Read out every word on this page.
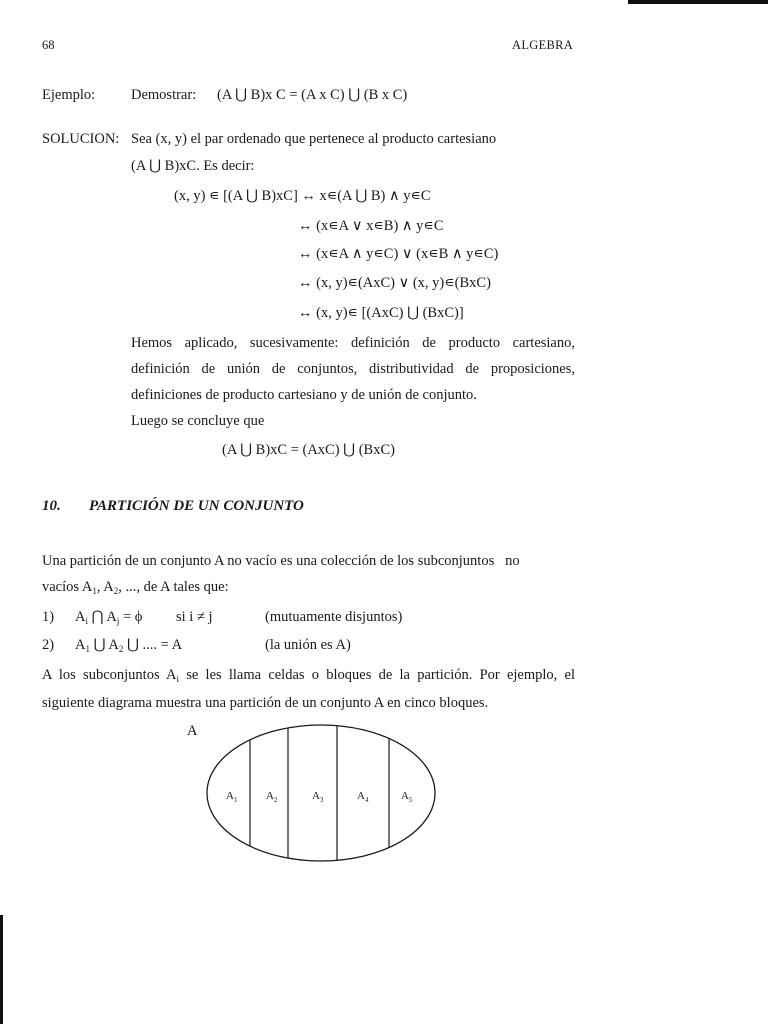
68	ALGEBRA
Ejemplo: Demostrar: (A ⋃ B)x C = (A x C) ⋃ (B x C)
SOLUCION: Sea (x, y) el par ordenado que pertenece al producto cartesiano
(A ⋃ B)xC. Es decir:
(x, y) ∊ [(A ⋃ B)xC] ↔ x∊(A ⋃ B) ∧ y∊C
↔ (x∊A ∨ x∊B) ∧ y∊C
↔ (x∊A ∧ y∊C) ∨ (x∊B ∧ y∊C)
↔ (x, y)∊(AxC) ∨ (x, y)∊(BxC)
↔ (x, y)∊ [(AxC) ⋃ (BxC)]
Hemos aplicado, sucesivamente: definición de producto cartesiano,
definición de unión de conjuntos, distributividad de proposiciones,
definiciones de producto cartesiano y de unión de conjunto.
Luego se concluye que
(A ⋃ B)xC = (AxC) ⋃ (BxC)
10. PARTICIÓN DE UN CONJUNTO
Una partición de un conjunto A no vacío es una colección de los subconjuntos   no
vacíos $A_1$, $A_2$, ..., de A tales que:
1) $A_i$ ⋂ $A_j = \phi$ si i ≠ j	(mutuamente disjuntos)
2) $A_1$ ⋃ $A_2$ ⋃ .... = A	(la unión es A)
A los subconjuntos $A_i$ se les llama celdas o bloques de la partición. Por ejemplo, el
siguiente diagrama muestra una partición de un conjunto A en cinco bloques.
A
$A_1$	$A_2$	$A_3$	$A_4$	$A_5$
